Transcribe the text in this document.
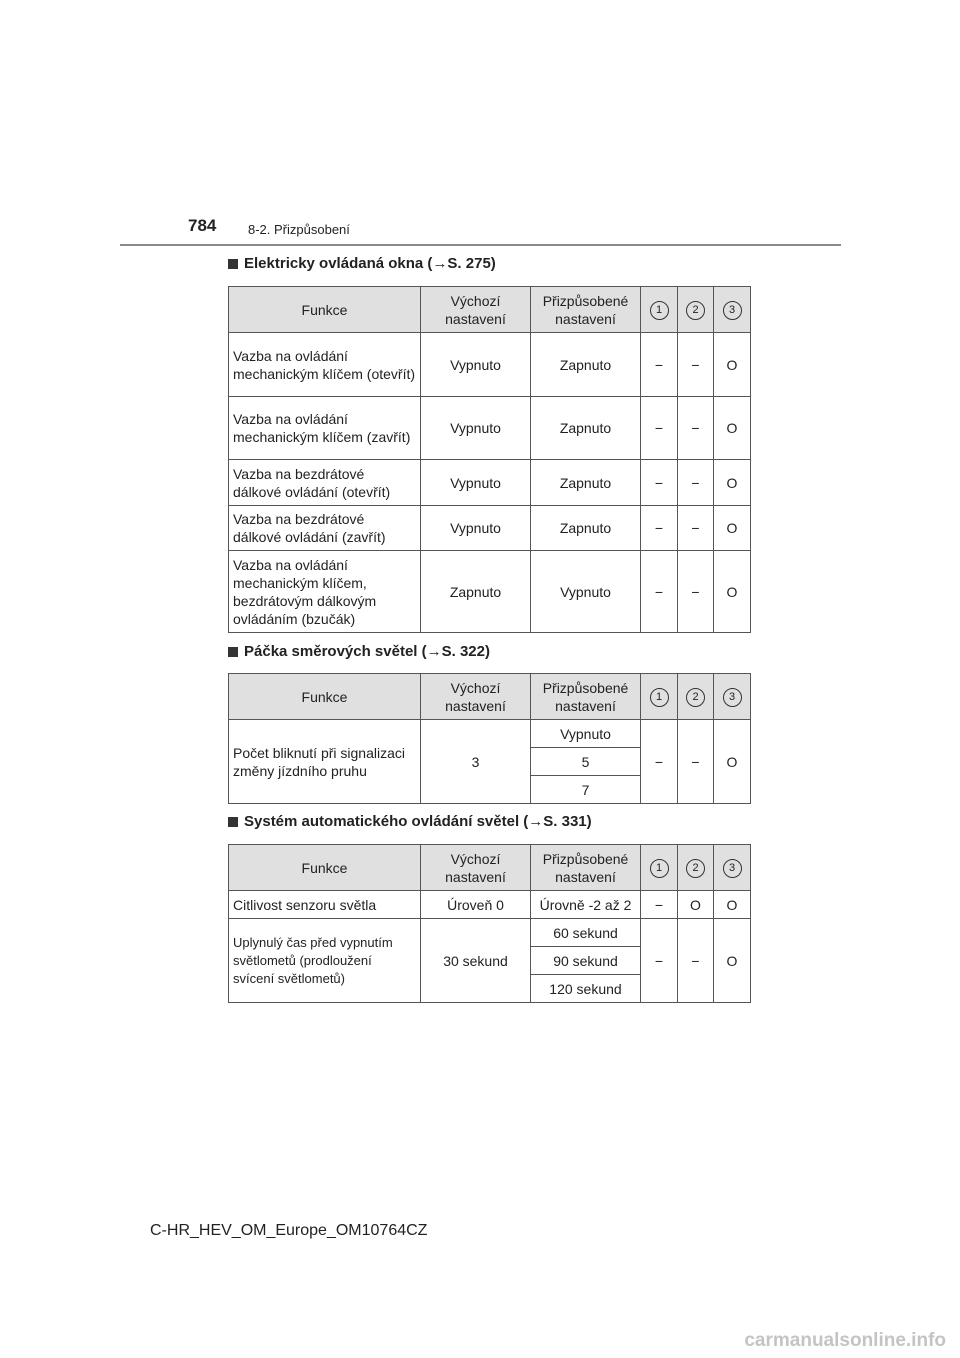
784 8-2. Přizpůsobení
Elektricky ovládaná okna (→S. 275)
Funkce	Výchozí nastavení	Přizpůsobené nastavení	1	2	3
Vazba na ovládání mechanickým klíčem (otevřít)	Vypnuto	Zapnuto	−	−	O
Vazba na ovládání mechanickým klíčem (zavřít)	Vypnuto	Zapnuto	−	−	O
Vazba na bezdrátové dálkové ovládání (otevřít)	Vypnuto	Zapnuto	−	−	O
Vazba na bezdrátové dálkové ovládání (zavřít)	Vypnuto	Zapnuto	−	−	O
Vazba na ovládání mechanickým klíčem, bezdrátovým dálkovým ovládáním (bzučák)	Zapnuto	Vypnuto	−	−	O
Páčka směrových světel (→S. 322)
Funkce	Výchozí nastavení	Přizpůsobené nastavení	1	2	3
Počet bliknutí při signalizaci změny jízdního pruhu	3	Vypnuto	−	−	O
		5			
		7			
Systém automatického ovládání světel (→S. 331)
Funkce	Výchozí nastavení	Přizpůsobené nastavení	1	2	3
Citlivost senzoru světla	Úroveň 0	Úrovně -2 až 2	−	O	O
Uplynulý čas před vypnutím světlometů (prodloužení svícení světlometů)	30 sekund	60 sekund	−	−	O
		90 sekund			
		120 sekund			
C-HR_HEV_OM_Europe_OM10764CZ
carmanualsonline.info
